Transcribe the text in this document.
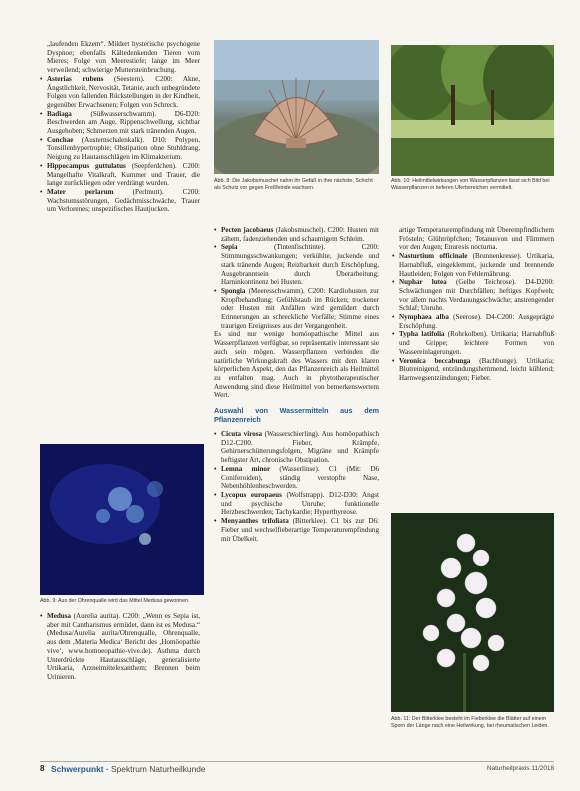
„laufenden Ekzem“. Mildert hysterische psychogene Dyspnoe; ebenfalls Kältedenkenden Tieren vom Mieres; Folge von Meerestiefe; lange im Meer verweilend; schwierige Muttersteinbruchung.
• Asterias rubens (Seestern). C200: Akne, Ängstlichkeit, Nervosität, Tetanie, auch unbegründete Folgen von fallenden Rückstellungen in der Kindheit, gegenüber Erwachsenen; Folgen von Schreck.
• Badiaga	(Süßwasserschwamm). D6-D20: Beschwerden am Auge, Rippenschwellung, sichtbar Ausgehoben; Schmerzen mit stark tränenden Augen.
• Conchae (Austernschalenkalk). D10: Polypen, Tonsillenhypertrophie; Obstipation ohne Stuhldrang, Neigung zu Hautausschlägen im Klimakterium.
• Hippocampus guttulatus (Seepferdchen). C200: Mangelhafte Vitalkraft, Kummer und Trauer, die lange zurückliegen oder verdrängt wurden.
• Mater perlarum	(Perlmutt). C200: Wachstumsstörungen, Gedächtnisschwäche, Trauer um Verlorenes; unspezifisches Hautjucken.
Abb. 8: Die Jakobsmuschel nahm ihr Gefäß in ihre nächste, Schicht als Schutz vor gegen Freßfeinde wachsen.
Abb. 10: Heilmittelwirkungen von Wasserpflanzen lässt sich Bild bei Wasserpflanzen in tieferen Uferbereichen vermittelt.
• Pecten jacobaeus (Jakobsmuschel). C200: Husten mit zähem, fadenziehenden und schaumigem Schleim.
• Sepia	(Tintenfischtinte). C200: Stimmungsschwankungen; verkühlte, juckende und stark tränende Augen; Reizbarkeit durch Erschöpfung, Ausgebranntsein durch Überarbeitung; Harninkontinenz bei Husten.
• Spongia (Meeresschwamm). C200: Kardiohusten zur Kropfbehandlung; Gefühlstaub im Rücken; trockener oder Husten mit Anfällen wird gemildert durch Erinnerungen an schreckliche Vorfälle; Stimme eines traurigen Ereignisses aus der Vergangenheit.

Es sind nur wenige homöopathische Mittel aus Wasserpflanzen verfügbar, so repräsentativ interessant sie auch sein mögen. Wasserpflanzen verbinden die natürliche Wirkungskraft des Wassers mit dem klaren körperlichen Aspekt, den das Pflanzenreich als Heilmittel zu entfalten mag. Auch in phytotherapeutischer Anwendung sind diese Heilmittel von bemerkenswertem Wert.

Auswahl von Wassermitteln aus dem Pflanzenreich
• Cicuta virosa (Wasserschierling). Aus homöopathisch D12-C200. Fieber, Krämpfe, Gehirnerschütterungsfolgen, Migräne und Krämpfe heftigster Art, chronische Obstipation.
• Lemna minor (Wasserlinse). C1 (Mit: D6 Coniferoiden), ständig verstopfte Nase, Nebenhöhlenbeschwerden.
• Lycopus europaeus (Wolfstrapp). D12-D30: Angst und psychische Unruhe; funktionelle Herzbeschwerden; Tachykardie; Hyperthyreose.
• Menyanthes trifoliata (Bitterklee). C1 bis zur D6: Fieber und wechselfieberartige Temperaturempfindung mit Übelkeit.
artige Temperaturempfindung mit Überempfindlichem Frösteln; Glühtröpfchen; Tetanusvon und Flimmern vor den Augen; Enuresis nocturna.
• Nasturtium officinale (Brunnenkresse). Urtikaria, Harnabfluß, eingeklemmt, juckende und brennende Hautleiden; Folgen von Fehlernährung.
• Nuphar lutea (Gelbe Teichrose). D4-D200: Schwächungen mit Durchfällen; heftiges Kopfweh; vor allem nachts Verdauungsschwäche; anstrengender Schlaf; Unruhe.
• Nymphaea alba (Seerose). D4-C200: Ausgeprägte Erschöpfung.
• Typha latifolia (Rohrkolben). Urtikaria; Harnabfluß und Grippe; leichtere Formen von Wassereinlagerungen.
• Veronica beccabunga (Bachbunge). Urtikaria; Blutreinigend, entzündungshemmend, leicht kühlend; Harnwegsentzündungen; Fieber.
Abb. 9: Aus der Ohrenqualle wird das Mittel Medusa gewonnen.
• Medusa (Aurelia aurita). C200: „Wenn es Sepia ist, aber mit Cantharismus ermüdet, dann ist es Medusa.“ (Medusa/Aurelia aurita/Ohrenqualle, Ohrenqualle, aus dem ‚Materia Medica‘ Bericht des ‚Homöopathie vive‘, www.homoeopathie-vive.de). Asthma durch Unterdrückte Hautausschläge, generalisierte Urtikaria, Arzneimittelexanthem; Brennen beim Urinieren.
Abb. 11: Der Bitterklee besteht im Fieberklee die Blätter auf einem Sporn der Länge nach eine Heilwirkung, bei rheumatischen Leiden.
8 Schwerpunkt · Spektrum Naturheilkunde	Naturheilpraxis 11/2018
